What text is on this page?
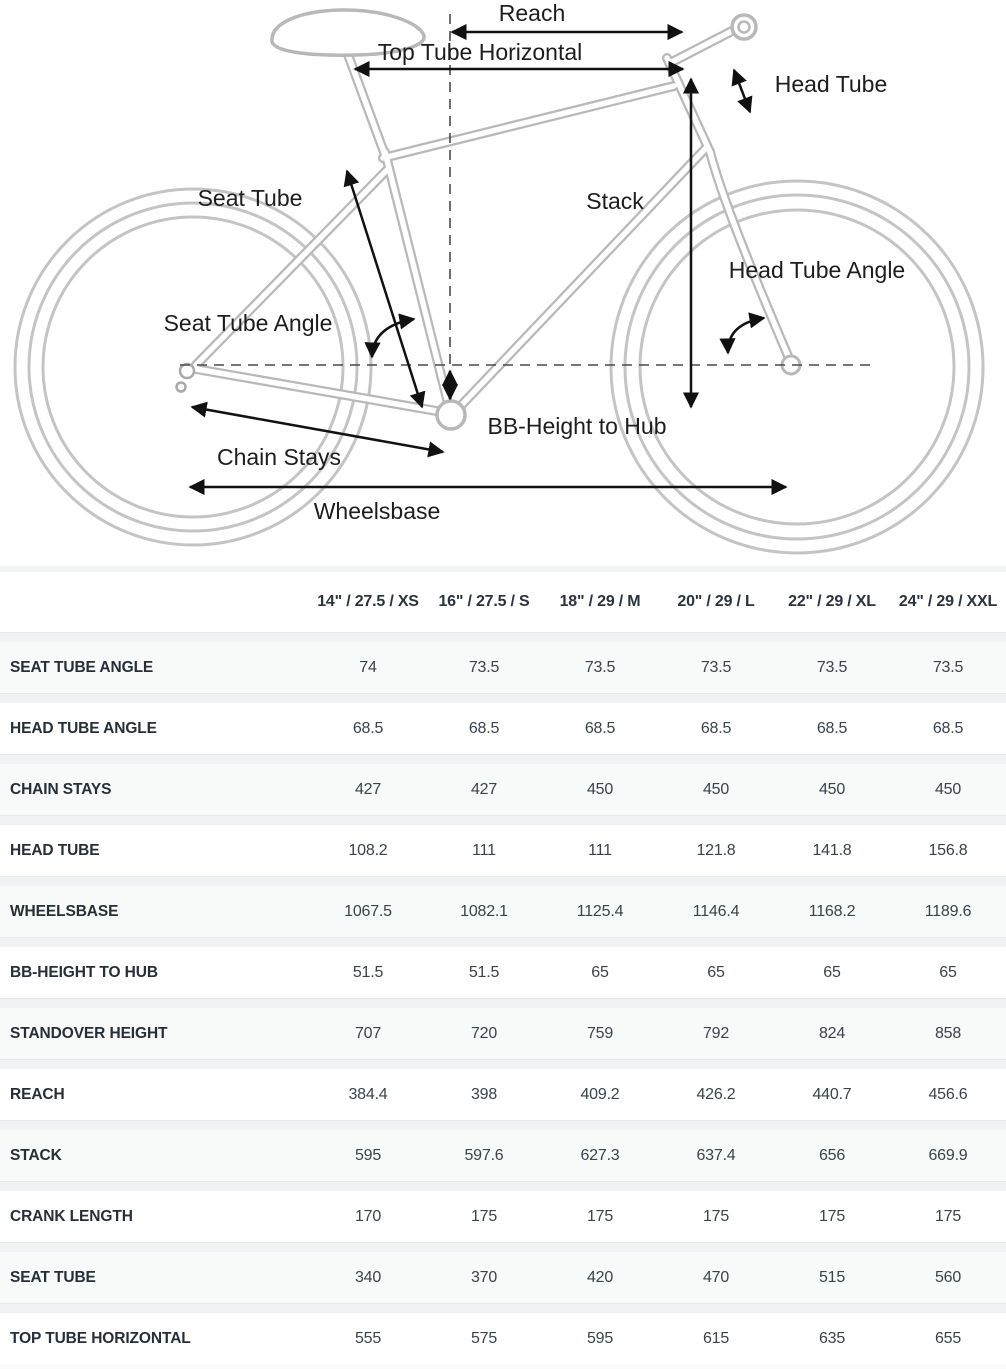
Reach
Top Tube Horizontal
Head Tube
Seat Tube	Stack
Head Tube Angle
Seat Tube Angle
BB-Height to Hub
Chain Stays
Wheelsbase
14" / 27.5 / XS	16" / 27.5 / S	18" / 29 / M	20" / 29 / L	22" / 29 / XL	24" / 29 / XXL
SEAT TUBE ANGLE	74	73.5	73.5	73.5	73.5	73.5
HEAD TUBE ANGLE	68.5	68.5	68.5	68.5	68.5	68.5
CHAIN STAYS	427	427	450	450	450	450
HEAD TUBE	108.2	111	111	121.8	141.8	156.8
WHEELSBASE	1067.5	1082.1	1125.4	1146.4	1168.2	1189.6
BB-HEIGHT TO HUB	51.5	51.5	65	65	65	65
STANDOVER HEIGHT	707	720	759	792	824	858
REACH	384.4	398	409.2	426.2	440.7	456.6
STACK	595	597.6	627.3	637.4	656	669.9
CRANK LENGTH	170	175	175	175	175	175
SEAT TUBE	340	370	420	470	515	560
TOP TUBE HORIZONTAL	555	575	595	615	635	655
